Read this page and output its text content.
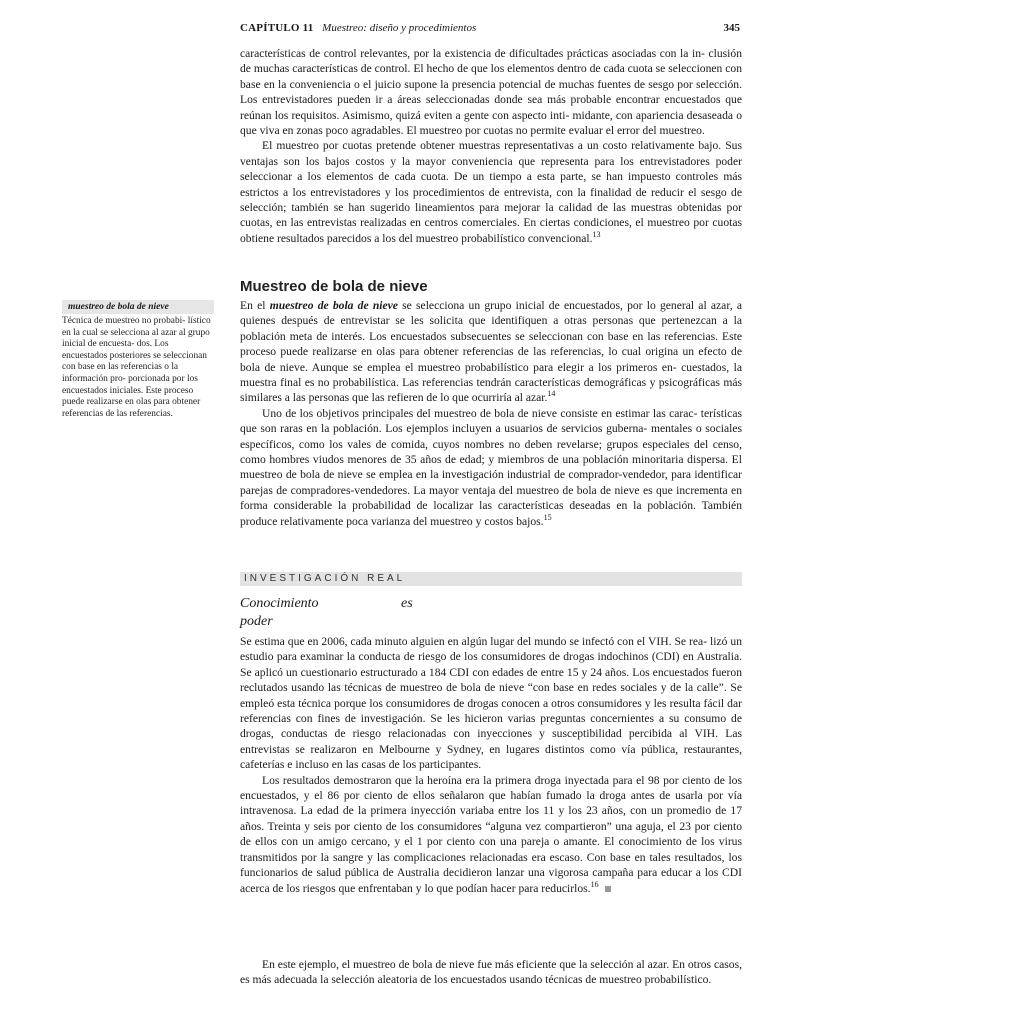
CAPÍTULO 11 Muestreo: diseño y procedimientos	345

características de control relevantes, por la existencia de dificultades prácticas asociadas con la in- clusión de muchas características de control. El hecho de que los elementos dentro de cada cuota se seleccionen con base en la conveniencia o el juicio supone la presencia potencial de muchas fuentes de sesgo por selección. Los entrevistadores pueden ir a áreas seleccionadas donde sea más probable encontrar encuestados que reúnan los requisitos. Asimismo, quizá eviten a gente con aspecto inti- midante, con apariencia desaseada o que viva en zonas poco agradables. El muestreo por cuotas no permite evaluar el error del muestreo.

El muestreo por cuotas pretende obtener muestras representativas a un costo relativamente bajo. Sus ventajas son los bajos costos y la mayor conveniencia que representa para los entrevistadores poder seleccionar a los elementos de cada cuota. De un tiempo a esta parte, se han impuesto controles más estrictos a los entrevistadores y los procedimientos de entrevista, con la finalidad de reducir el sesgo de selección; también se han sugerido lineamientos para mejorar la calidad de las muestras obtenidas por cuotas, en las entrevistas realizadas en centros comerciales. En ciertas condiciones, el muestreo por cuotas obtiene resultados parecidos a los del muestreo probabilístico convencional.$^{13}$

Muestreo de bola de nieve
muestreo de bola de nieve
Técnica de muestreo no probabi- lístico en la cual se selecciona al azar al grupo inicial de encuesta- dos. Los encuestados posteriores se seleccionan con base en las referencias o la información pro- porcionada por los encuestados iniciales. Este proceso puede realizarse en olas para obtener referencias de las referencias.

En el muestreo de bola de nieve se selecciona un grupo inicial de encuestados, por lo general al azar, a quienes después de entrevistar se les solicita que identifiquen a otras personas que pertenezcan a la población meta de interés. Los encuestados subsecuentes se seleccionan con base en las referencias. Este proceso puede realizarse en olas para obtener referencias de las referencias, lo cual origina un efecto de bola de nieve. Aunque se emplea el muestreo probabilístico para elegir a los primeros en- cuestados, la muestra final es no probabilística. Las referencias tendrán características demográficas y psicográficas más similares a las personas que las refieren de lo que ocurriría al azar.$^{14}$

Uno de los objetivos principales del muestreo de bola de nieve consiste en estimar las carac- terísticas que son raras en la población. Los ejemplos incluyen a usuarios de servicios guberna- mentales o sociales específicos, como los vales de comida, cuyos nombres no deben revelarse; grupos especiales del censo, como hombres viudos menores de 35 años de edad; y miembros de una población minoritaria dispersa. El muestreo de bola de nieve se emplea en la investigación industrial de comprador-vendedor, para identificar parejas de compradores-vendedores. La mayor ventaja del muestreo de bola de nieve es que incrementa en forma considerable la probabilidad de localizar las características deseadas en la población. También produce relativamente poca varianza del muestreo y costos bajos.$^{15}$

INVESTIGACIÓN REAL
Conocimiento	es
poder

Se estima que en 2006, cada minuto alguien en algún lugar del mundo se infectó con el VIH. Se rea- lizó un estudio para examinar la conducta de riesgo de los consumidores de drogas indochinos (CDI) en Australia. Se aplicó un cuestionario estructurado a 184 CDI con edades de entre 15 y 24 años. Los encuestados fueron reclutados usando las técnicas de muestreo de bola de nieve “con base en redes sociales y de la calle”. Se empleó esta técnica porque los consumidores de drogas conocen a otros consumidores y les resulta fácil dar referencias con fines de investigación. Se les hicieron varias preguntas concernientes a su consumo de drogas, conductas de riesgo relacionadas con inyecciones y susceptibilidad percibida al VIH. Las entrevistas se realizaron en Melbourne y Sydney, en lugares distintos como vía pública, restaurantes, cafeterías e incluso en las casas de los participantes.

Los resultados demostraron que la heroína era la primera droga inyectada para el 98 por ciento de los encuestados, y el 86 por ciento de ellos señalaron que habían fumado la droga antes de usarla por vía intravenosa. La edad de la primera inyección variaba entre los 11 y los 23 años, con un promedio de 17 años. Treinta y seis por ciento de los consumidores “alguna vez compartieron” una aguja, el 23 por ciento de ellos con un amigo cercano, y el 1 por ciento con una pareja o amante. El conocimiento de los virus transmitidos por la sangre y las complicaciones relacionadas era escaso. Con base en tales resultados, los funcionarios de salud pública de Australia decidieron lanzar una vigorosa campaña para educar a los CDI acerca de los riesgos que enfrentaban y lo que podían hacer para reducirlos.$^{16}$

En este ejemplo, el muestreo de bola de nieve fue más eficiente que la selección al azar. En otros casos, es más adecuada la selección aleatoria de los encuestados usando técnicas de muestreo probabilístico.
